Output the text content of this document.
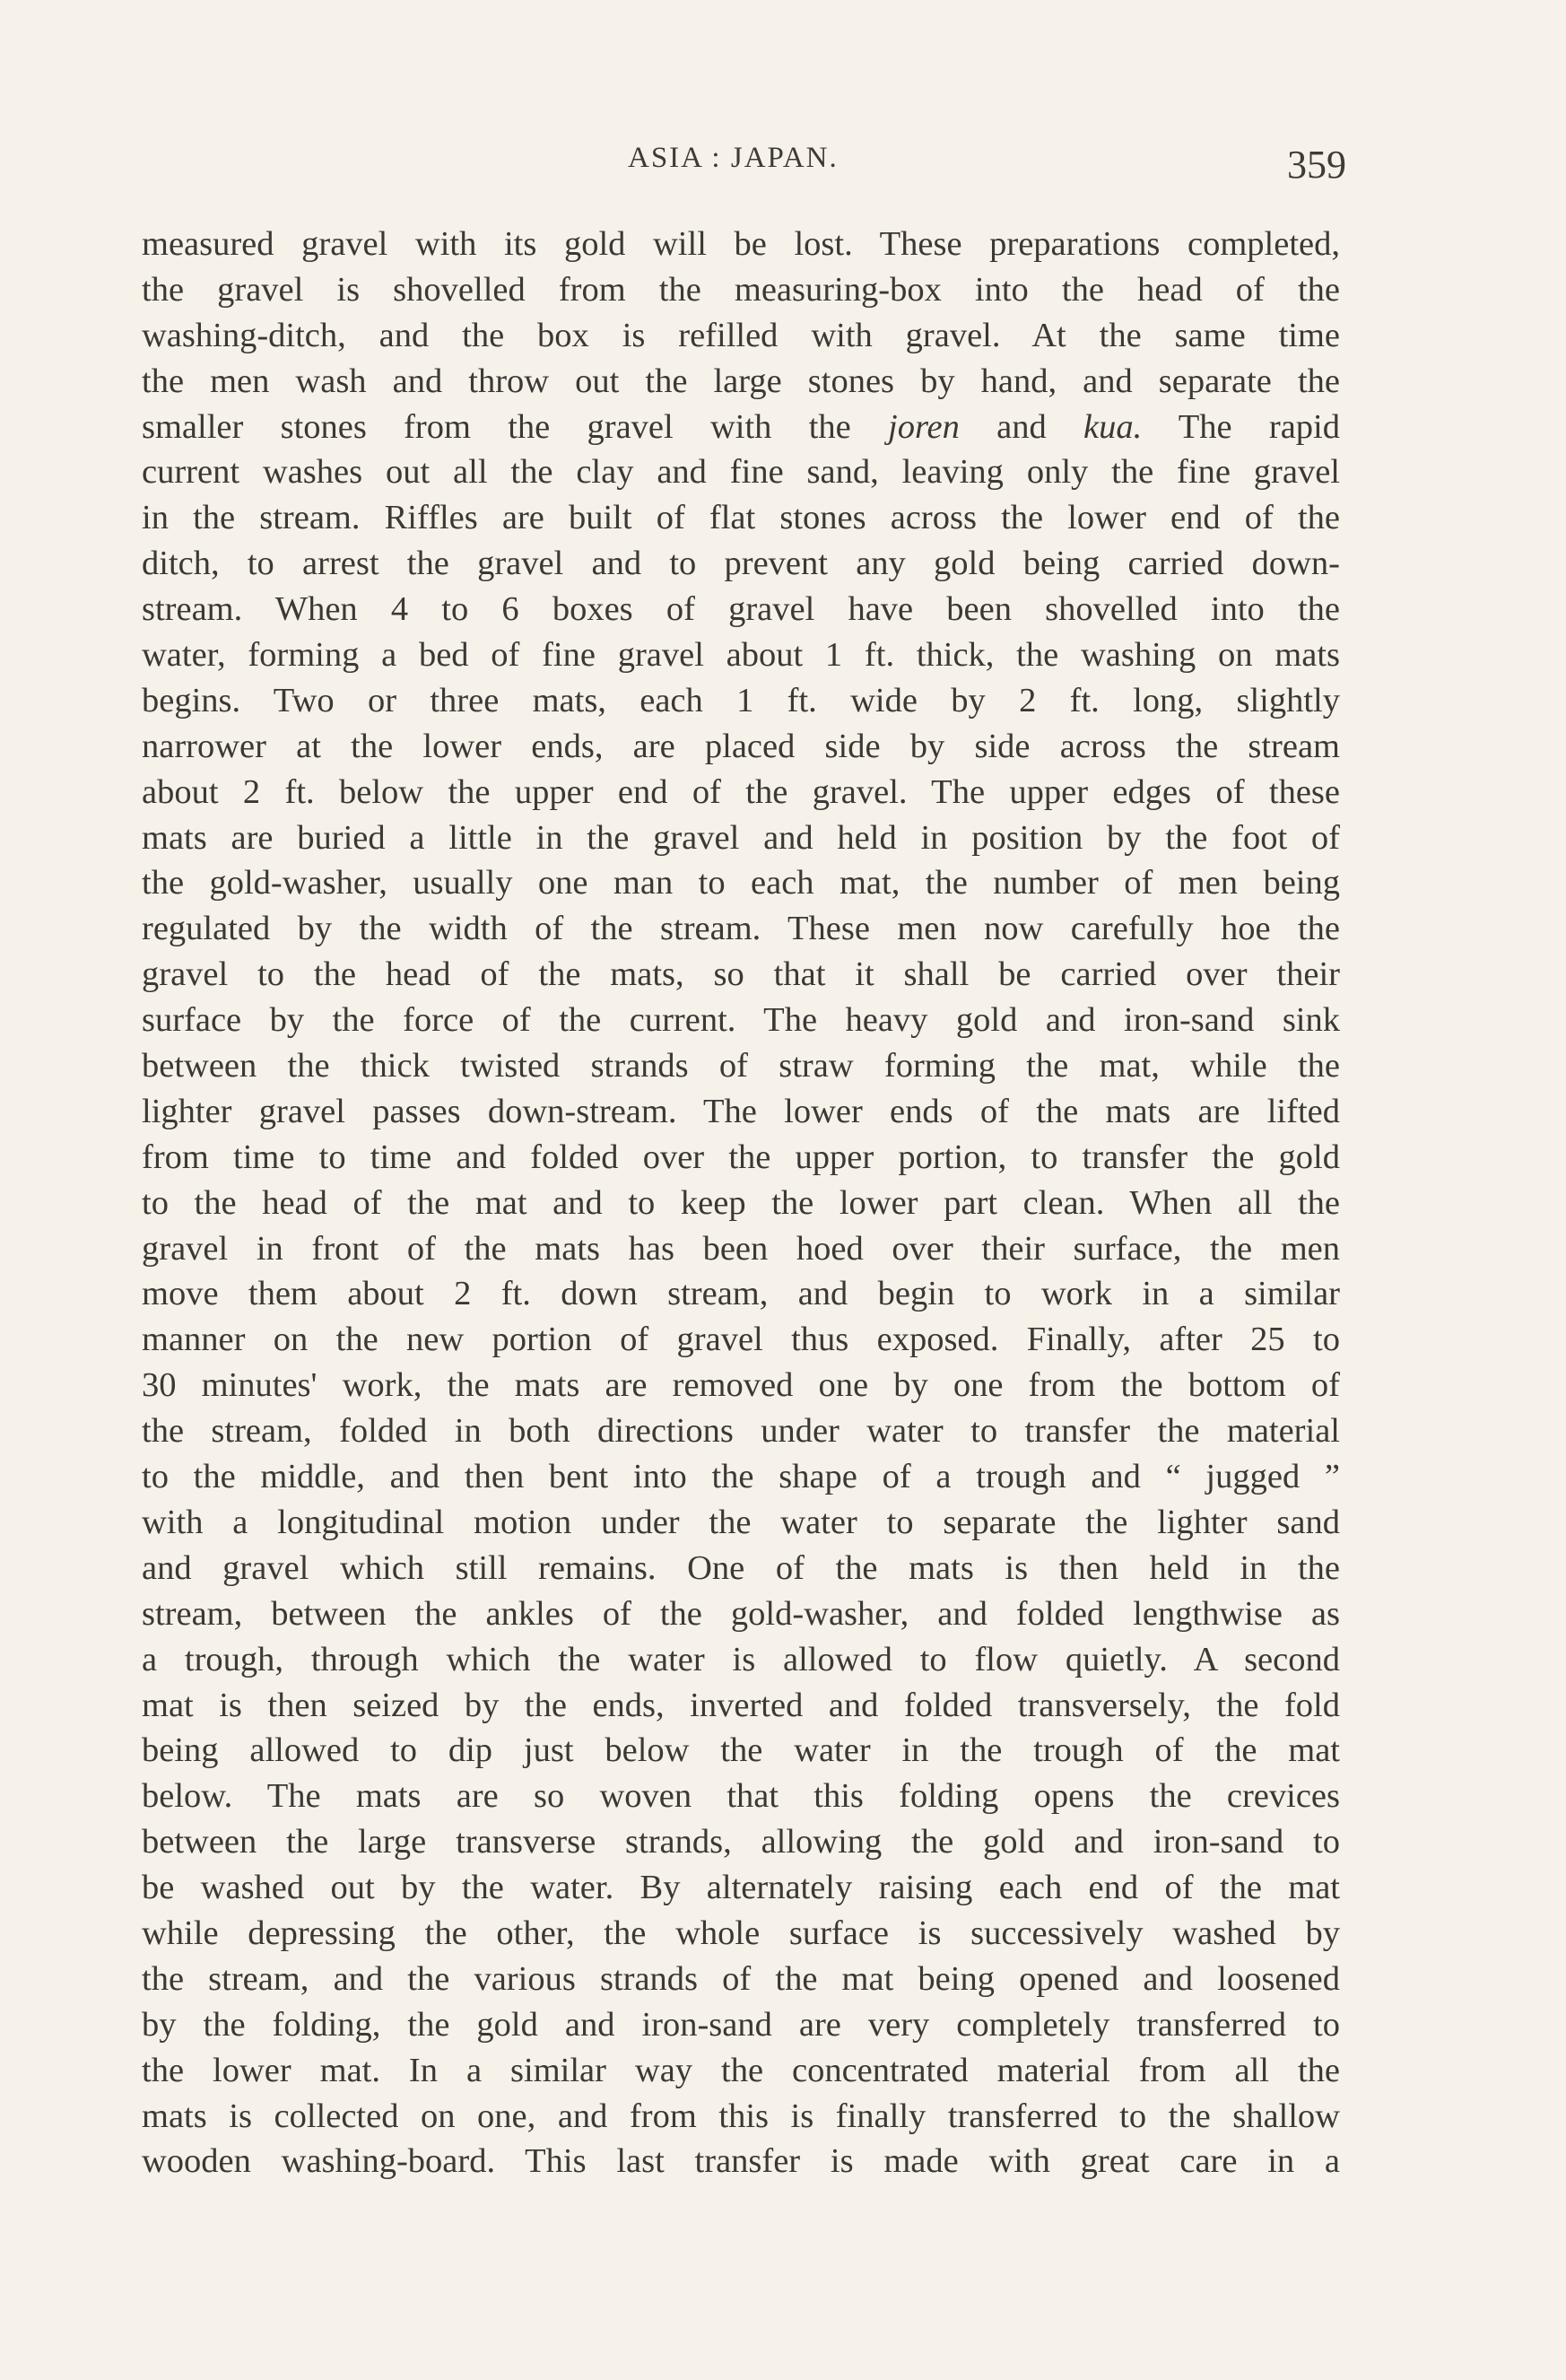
ASIA : JAPAN.	359
measured gravel with its gold will be lost. These preparations completed,
the gravel is shovelled from the measuring-box into the head of the
washing-ditch, and the box is refilled with gravel. At the same time
the men wash and throw out the large stones by hand, and separate the
smaller stones from the gravel with the joren and kua. The rapid
current washes out all the clay and fine sand, leaving only the fine gravel
in the stream. Riffles are built of flat stones across the lower end of the
ditch, to arrest the gravel and to prevent any gold being carried down-
stream. When 4 to 6 boxes of gravel have been shovelled into the
water, forming a bed of fine gravel about 1 ft. thick, the washing on mats
begins. Two or three mats, each 1 ft. wide by 2 ft. long, slightly
narrower at the lower ends, are placed side by side across the stream
about 2 ft. below the upper end of the gravel. The upper edges of these
mats are buried a little in the gravel and held in position by the foot of
the gold-washer, usually one man to each mat, the number of men being
regulated by the width of the stream. These men now carefully hoe the
gravel to the head of the mats, so that it shall be carried over their
surface by the force of the current. The heavy gold and iron-sand sink
between the thick twisted strands of straw forming the mat, while the
lighter gravel passes down-stream. The lower ends of the mats are lifted
from time to time and folded over the upper portion, to transfer the gold
to the head of the mat and to keep the lower part clean. When all the
gravel in front of the mats has been hoed over their surface, the men
move them about 2 ft. down stream, and begin to work in a similar
manner on the new portion of gravel thus exposed. Finally, after 25 to
30 minutes' work, the mats are removed one by one from the bottom of
the stream, folded in both directions under water to transfer the material
to the middle, and then bent into the shape of a trough and “ jugged ”
with a longitudinal motion under the water to separate the lighter sand
and gravel which still remains. One of the mats is then held in the
stream, between the ankles of the gold-washer, and folded lengthwise as
a trough, through which the water is allowed to flow quietly. A second
mat is then seized by the ends, inverted and folded transversely, the fold
being allowed to dip just below the water in the trough of the mat
below. The mats are so woven that this folding opens the crevices
between the large transverse strands, allowing the gold and iron-sand to
be washed out by the water. By alternately raising each end of the mat
while depressing the other, the whole surface is successively washed by
the stream, and the various strands of the mat being opened and loosened
by the folding, the gold and iron-sand are very completely transferred to
the lower mat. In a similar way the concentrated material from all the
mats is collected on one, and from this is finally transferred to the shallow
wooden washing-board. This last transfer is made with great care in a
